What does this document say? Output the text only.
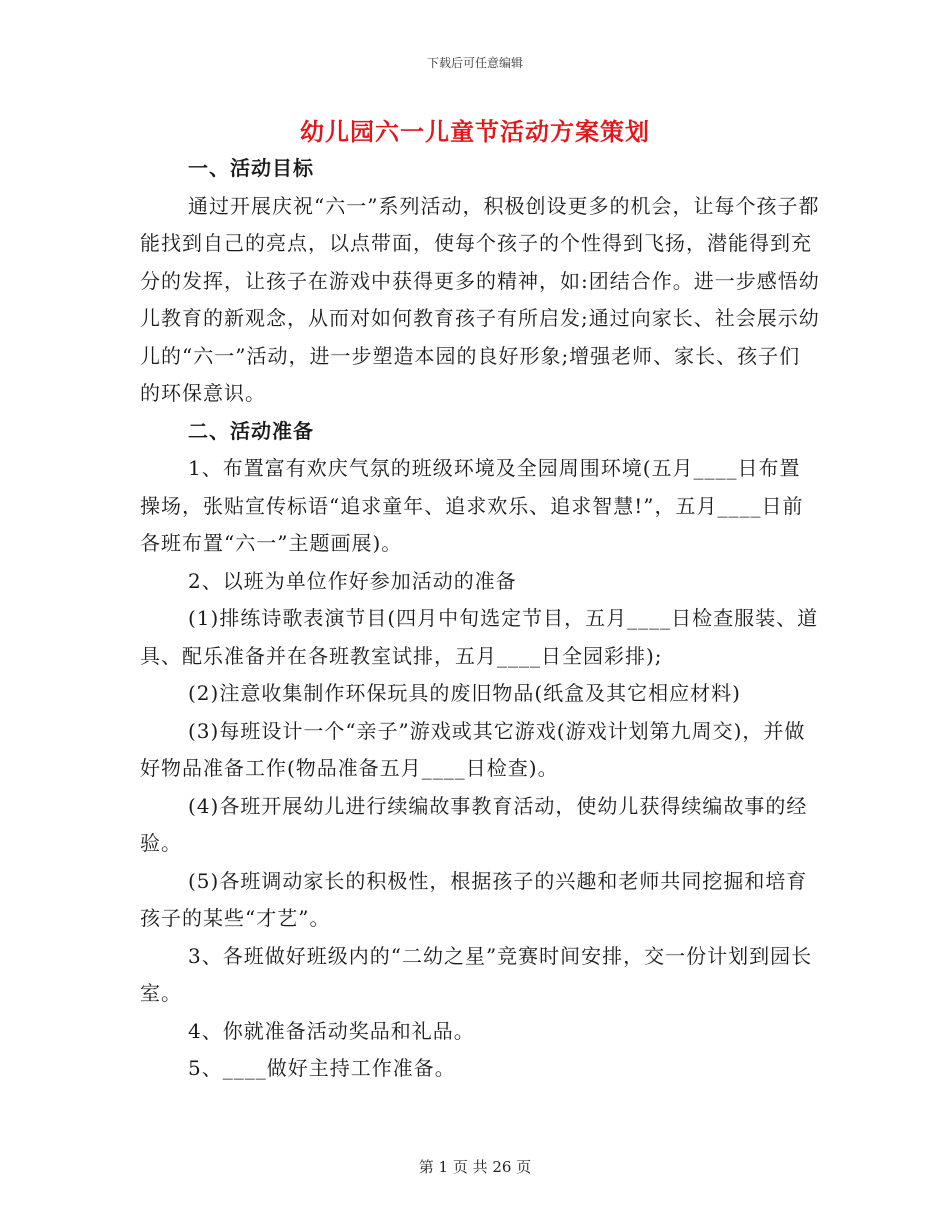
下载后可任意编辑
幼儿园六一儿童节活动方案策划

一、活动目标

通过开展庆祝“六一”系列活动，积极创设更多的机会，让每个孩子都能找到自己的亮点，以点带面，使每个孩子的个性得到飞扬，潜能得到充分的发挥，让孩子在游戏中获得更多的精神，如:团结合作。进一步感悟幼儿教育的新观念，从而对如何教育孩子有所启发;通过向家长、社会展示幼儿的“六一”活动，进一步塑造本园的良好形象;增强老师、家长、孩子们的环保意识。

二、活动准备

1、布置富有欢庆气氛的班级环境及全园周围环境(五月____日布置操场，张贴宣传标语“追求童年、追求欢乐、追求智慧!”，五月____日前各班布置“六一”主题画展)。

2、以班为单位作好参加活动的准备

(1)排练诗歌表演节目(四月中旬选定节目，五月____日检查服装、道具、配乐准备并在各班教室试排，五月____日全园彩排);

(2)注意收集制作环保玩具的废旧物品(纸盒及其它相应材料)

(3)每班设计一个“亲子”游戏或其它游戏(游戏计划第九周交)，并做好物品准备工作(物品准备五月____日检查)。

(4)各班开展幼儿进行续编故事教育活动，使幼儿获得续编故事的经验。

(5)各班调动家长的积极性，根据孩子的兴趣和老师共同挖掘和培育孩子的某些“才艺”。

3、各班做好班级内的“二幼之星”竞赛时间安排，交一份计划到园长室。

4、你就准备活动奖品和礼品。

5、____做好主持工作准备。

第 1 页 共 26 页
